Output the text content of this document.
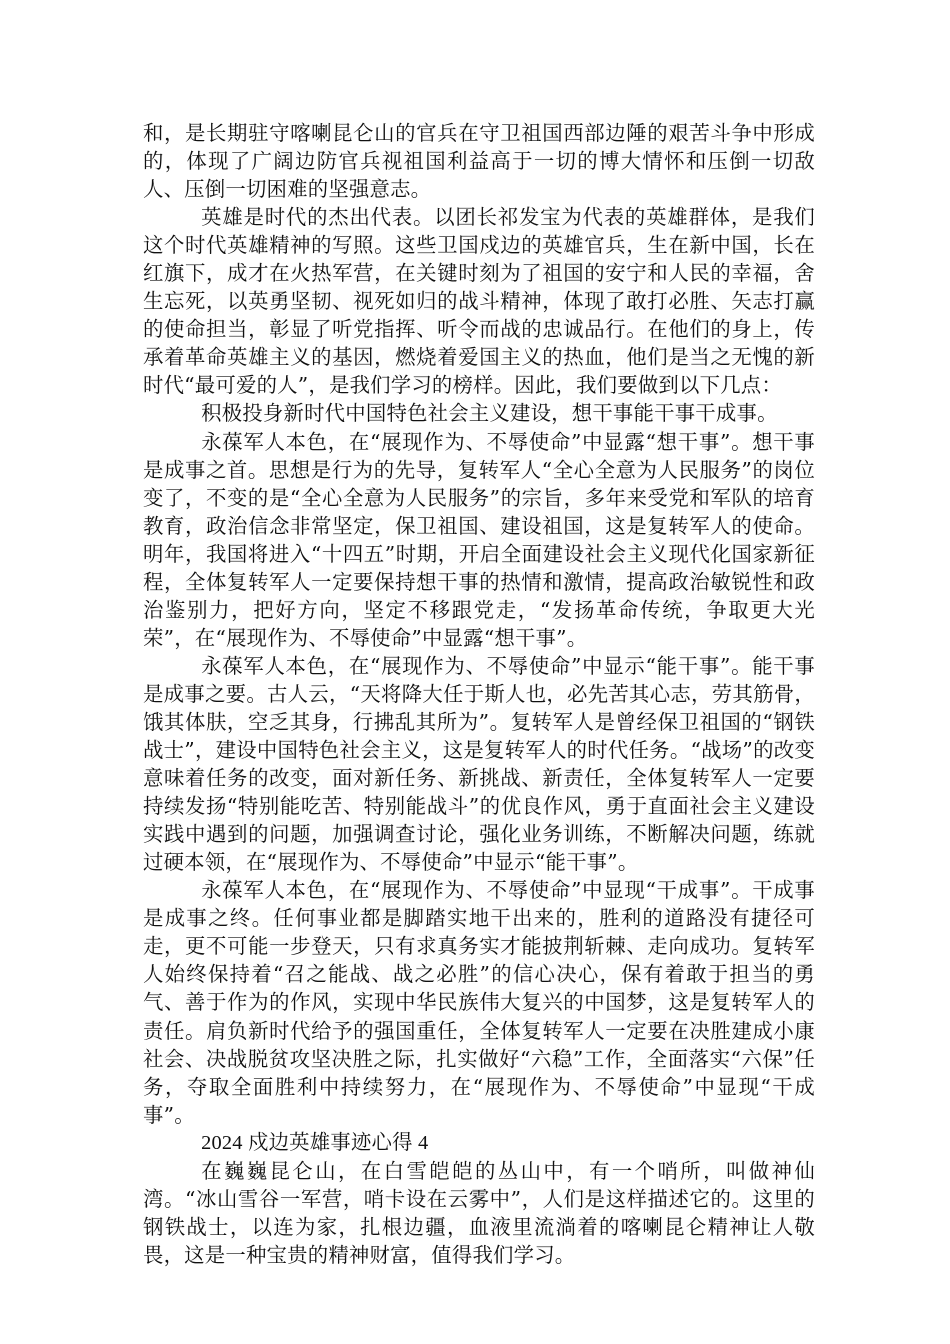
和，是长期驻守喀喇昆仑山的官兵在守卫祖国西部边陲的艰苦斗争中形成的，体现了广阔边防官兵视祖国利益高于一切的博大情怀和压倒一切敌人、压倒一切困难的坚强意志。

英雄是时代的杰出代表。以团长祁发宝为代表的英雄群体，是我们这个时代英雄精神的写照。这些卫国戍边的英雄官兵，生在新中国，长在红旗下，成才在火热军营，在关键时刻为了祖国的安宁和人民的幸福，舍生忘死，以英勇坚韧、视死如归的战斗精神，体现了敢打必胜、矢志打赢的使命担当，彰显了听党指挥、听令而战的忠诚品行。在他们的身上，传承着革命英雄主义的基因，燃烧着爱国主义的热血，他们是当之无愧的新时代“最可爱的人”，是我们学习的榜样。因此，我们要做到以下几点：

积极投身新时代中国特色社会主义建设，想干事能干事干成事。

永葆军人本色，在“展现作为、不辱使命”中显露“想干事”。想干事是成事之首。思想是行为的先导，复转军人“全心全意为人民服务”的岗位变了，不变的是“全心全意为人民服务”的宗旨，多年来受党和军队的培育教育，政治信念非常坚定，保卫祖国、建设祖国，这是复转军人的使命。明年，我国将进入“十四五”时期，开启全面建设社会主义现代化国家新征程，全体复转军人一定要保持想干事的热情和激情，提高政治敏锐性和政治鉴别力，把好方向，坚定不移跟党走，“发扬革命传统，争取更大光荣”，在“展现作为、不辱使命”中显露“想干事”。

永葆军人本色，在“展现作为、不辱使命”中显示“能干事”。能干事是成事之要。古人云，“天将降大任于斯人也，必先苦其心志，劳其筋骨，饿其体肤，空乏其身，行拂乱其所为”。复转军人是曾经保卫祖国的“钢铁战士”，建设中国特色社会主义，这是复转军人的时代任务。“战场”的改变意味着任务的改变，面对新任务、新挑战、新责任，全体复转军人一定要持续发扬“特别能吃苦、特别能战斗”的优良作风，勇于直面社会主义建设实践中遇到的问题，加强调查讨论，强化业务训练，不断解决问题，练就过硬本领，在“展现作为、不辱使命”中显示“能干事”。

永葆军人本色，在“展现作为、不辱使命”中显现“干成事”。干成事是成事之终。任何事业都是脚踏实地干出来的，胜利的道路没有捷径可走，更不可能一步登天，只有求真务实才能披荆斩棘、走向成功。复转军人始终保持着“召之能战、战之必胜”的信心决心，保有着敢于担当的勇气、善于作为的作风，实现中华民族伟大复兴的中国梦，这是复转军人的责任。肩负新时代给予的强国重任，全体复转军人一定要在决胜建成小康社会、决战脱贫攻坚决胜之际，扎实做好“六稳”工作，全面落实“六保”任务，夺取全面胜利中持续努力，在“展现作为、不辱使命”中显现“干成事”。

2024 戍边英雄事迹心得 4

在巍巍昆仑山，在白雪皑皑的丛山中，有一个哨所，叫做神仙湾。“冰山雪谷一军营，哨卡设在云雾中”，人们是这样描述它的。这里的钢铁战士，以连为家，扎根边疆，血液里流淌着的喀喇昆仑精神让人敬畏，这是一种宝贵的精神财富，值得我们学习。
